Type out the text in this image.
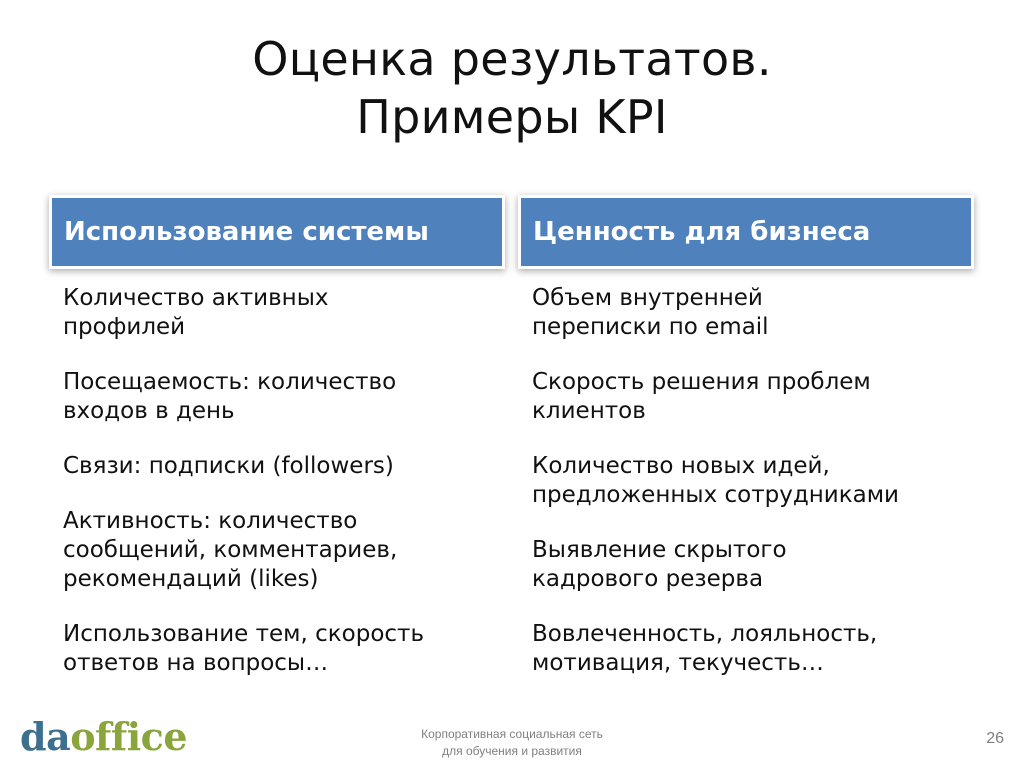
Оценка результатов.
Примеры KPI
Использование системы	Ценность для бизнеса
Количество активных
профилей
Посещаемость: количество
входов в день
Связи: подписки (followers)
Активность: количество
сообщений, комментариев,
рекомендаций (likes)
Использование тем, скорость
ответов на вопросы…
Объем внутренней
переписки по email
Скорость решения проблем
клиентов
Количество новых идей,
предложенных сотрудниками
Выявление скрытого
кадрового резерва
Вовлеченность, лояльность,
мотивация, текучесть…
daoffice	Корпоративная социальная сеть
для обучения и развития
26
